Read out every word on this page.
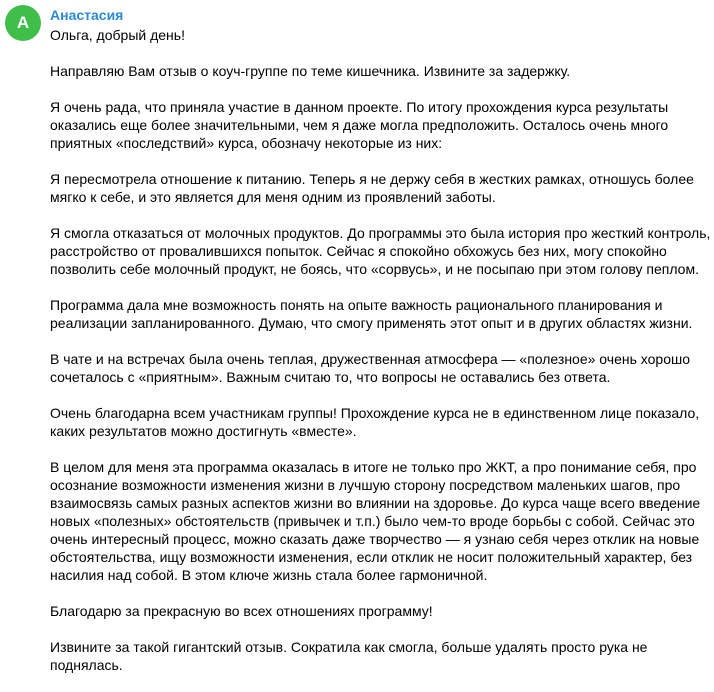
А Анастасия
Ольга, добрый день!
Направляю Вам отзыв о коуч-группе по теме кишечника. Извините за задержку.
Я очень рада, что приняла участие в данном проекте. По итогу прохождения курса результаты
оказались еще более значительными, чем я даже могла предположить. Осталось очень много
приятных «последствий» курса, обозначу некоторые из них:
Я пересмотрела отношение к питанию. Теперь я не держу себя в жестких рамках, отношусь более
мягко к себе, и это является для меня одним из проявлений заботы.
Я смогла отказаться от молочных продуктов. До программы это была история про жесткий контроль,
расстройство от провалившихся попыток. Сейчас я спокойно обхожусь без них, могу спокойно
позволить себе молочный продукт, не боясь, что «сорвусь», и не посыпаю при этом голову пеплом.
Программа дала мне возможность понять на опыте важность рационального планирования и
реализации запланированного. Думаю, что смогу применять этот опыт и в других областях жизни.
В чате и на встречах была очень теплая, дружественная атмосфера — «полезное» очень хорошо
сочеталось с «приятным». Важным считаю то, что вопросы не оставались без ответа.
Очень благодарна всем участникам группы! Прохождение курса не в единственном лице показало,
каких результатов можно достигнуть «вместе».
В целом для меня эта программа оказалась в итоге не только про ЖКТ, а про понимание себя, про
осознание возможности изменения жизни в лучшую сторону посредством маленьких шагов, про
взаимосвязь самых разных аспектов жизни во влиянии на здоровье. До курса чаще всего введение
новых «полезных» обстоятельств (привычек и т.п.) было чем-то вроде борьбы с собой. Сейчас это
очень интересный процесс, можно сказать даже творчество — я узнаю себя через отклик на новые
обстоятельства, ищу возможности изменения, если отклик не носит положительный характер, без
насилия над собой. В этом ключе жизнь стала более гармоничной.
Благодарю за прекрасную во всех отношениях программу!
Извините за такой гигантский отзыв. Сократила как смогла, больше удалять просто рука не
поднялась.
